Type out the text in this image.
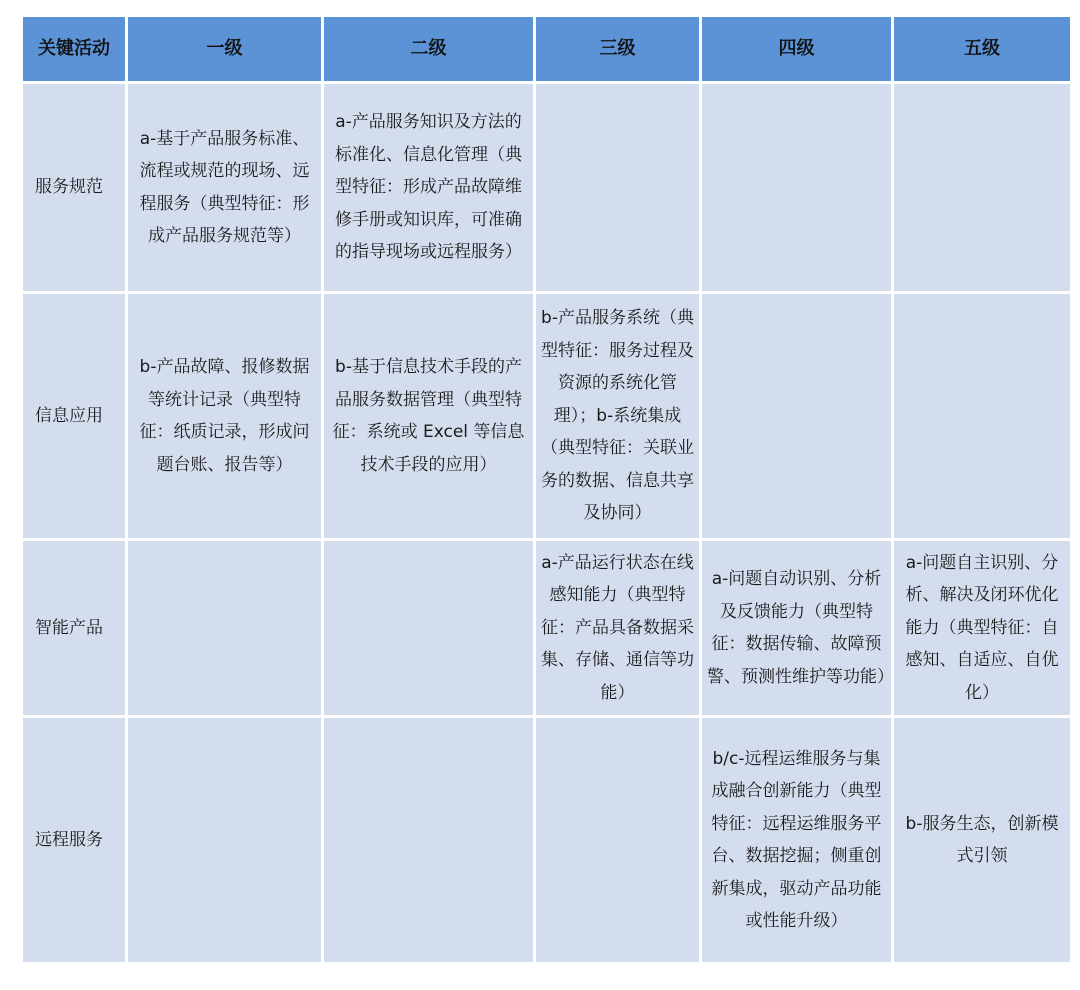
关键活动	一级	二级	三级	四级	五级
服务规范	a-基于产品服务标准、流程或规范的现场、远程服务（典型特征：形成产品服务规范等）	a-产品服务知识及方法的标准化、信息化管理（典型特征：形成产品故障维修手册或知识库，可准确的指导现场或远程服务）			
信息应用	b-产品故障、报修数据等统计记录（典型特征：纸质记录，形成问题台账、报告等）	b-基于信息技术手段的产品服务数据管理（典型特征：系统或 Excel 等信息技术手段的应用）	b-产品服务系统（典型特征：服务过程及资源的系统化管理）；b-系统集成（典型特征：关联业务的数据、信息共享及协同）		
智能产品			a-产品运行状态在线感知能力（典型特征：产品具备数据采集、存储、通信等功能）	a-问题自动识别、分析及反馈能力（典型特征：数据传输、故障预警、预测性维护等功能）	a-问题自主识别、分析、解决及闭环优化能力（典型特征：自感知、自适应、自优化）
远程服务				b/c-远程运维服务与集成融合创新能力（典型特征：远程运维服务平台、数据挖掘；侧重创新集成，驱动产品功能或性能升级）	b-服务生态，创新模式引领
